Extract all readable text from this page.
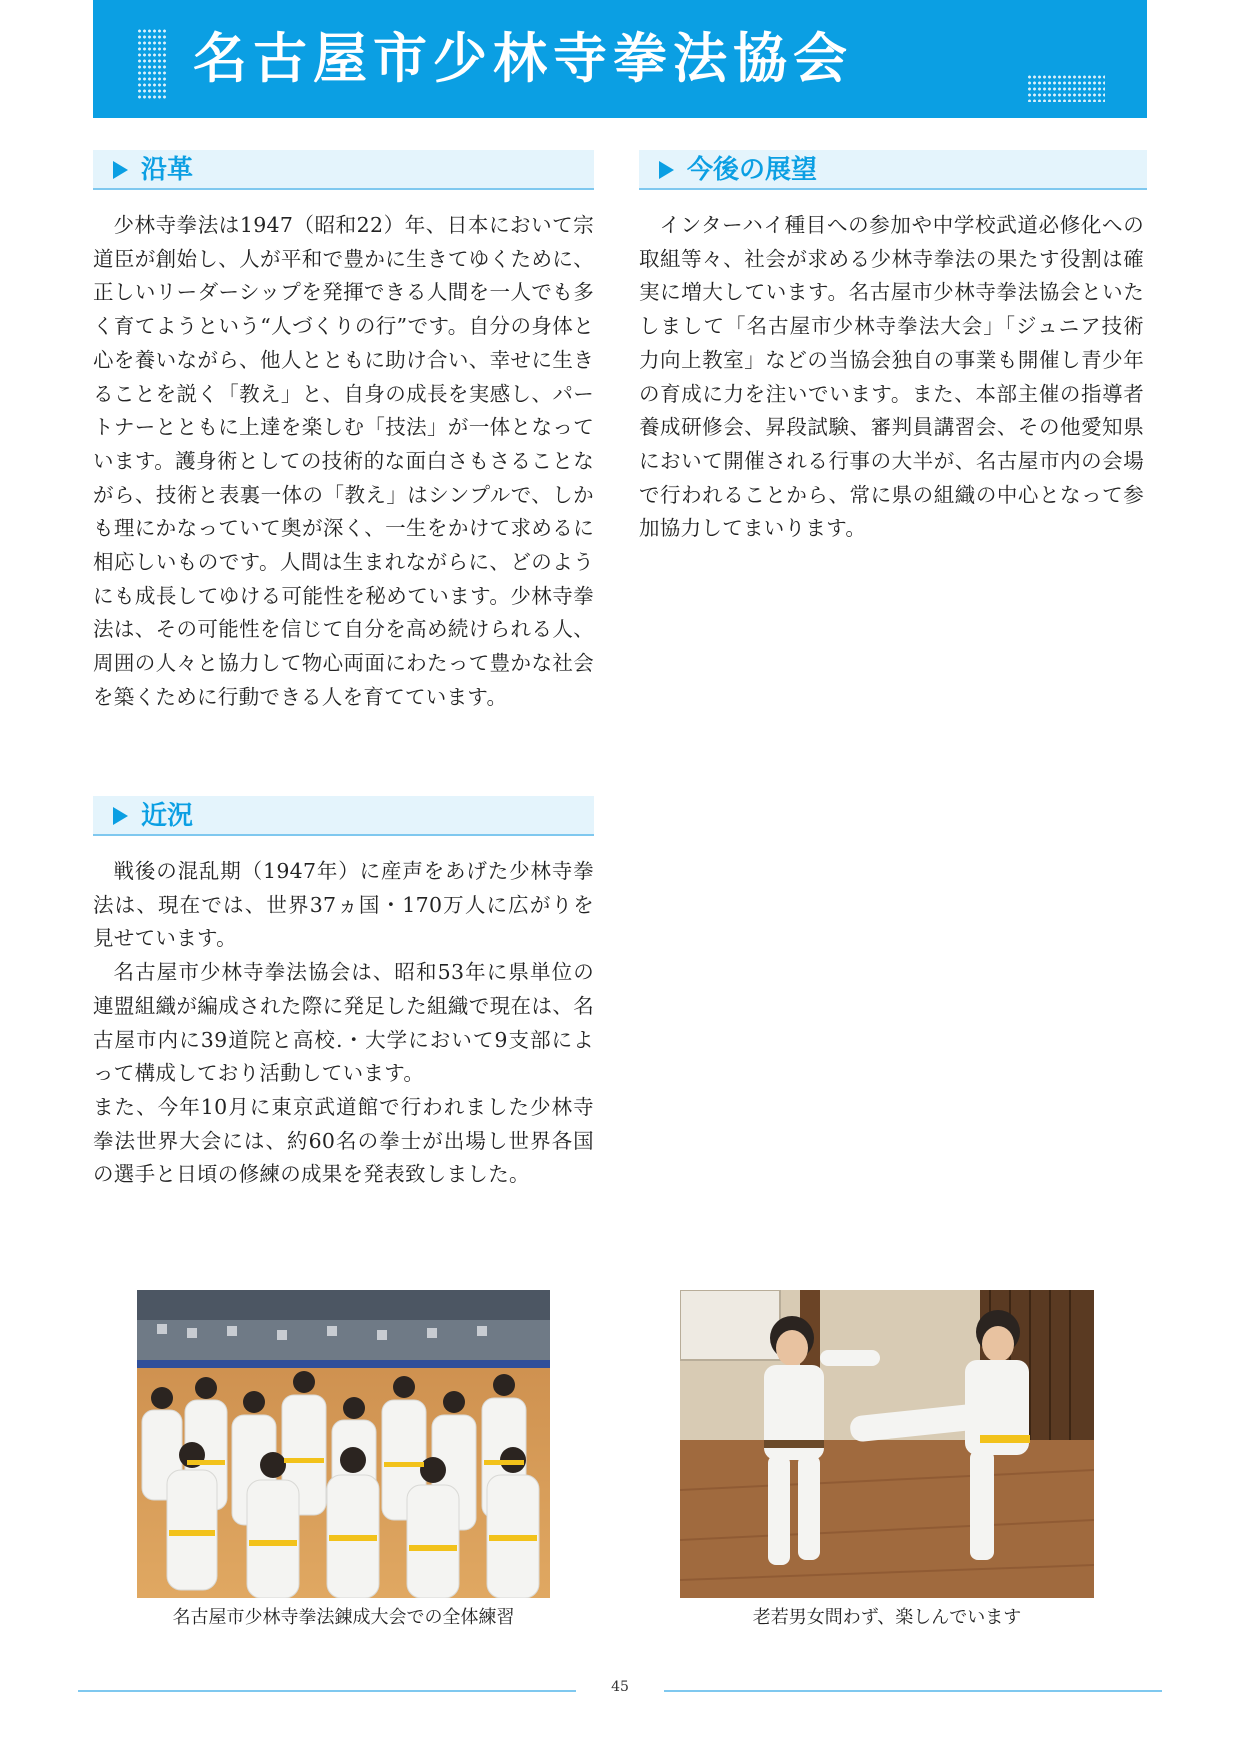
名古屋市少林寺拳法協会
沿革

少林寺拳法は1947（昭和22）年、日本において宗道臣が創始し、人が平和で豊かに生きてゆくために、正しいリーダーシップを発揮できる人間を一人でも多く育てようという“人づくりの行”です。自分の身体と心を養いながら、他人とともに助け合い、幸せに生きることを説く「教え」と、自身の成長を実感し、パートナーとともに上達を楽しむ「技法」が一体となっています。護身術としての技術的な面白さもさることながら、技術と表裏一体の「教え」はシンプルで、しかも理にかなっていて奥が深く、一生をかけて求めるに相応しいものです。人間は生まれながらに、どのようにも成長してゆける可能性を秘めています。少林寺拳法は、その可能性を信じて自分を高め続けられる人、周囲の人々と協力して物心両面にわたって豊かな社会を築くために行動できる人を育てています。

近況

戦後の混乱期（1947年）に産声をあげた少林寺拳法は、現在では、世界37ヵ国・170万人に広がりを見せています。

名古屋市少林寺拳法協会は、昭和53年に県単位の連盟組織が編成された際に発足した組織で現在は、名古屋市内に39道院と高校.・大学において9支部によって構成しており活動しています。

また、今年10月に東京武道館で行われました少林寺拳法世界大会には、約60名の拳士が出場し世界各国の選手と日頃の修練の成果を発表致しました。

今後の展望

インターハイ種目への参加や中学校武道必修化への取組等々、社会が求める少林寺拳法の果たす役割は確実に増大しています。名古屋市少林寺拳法協会といたしまして「名古屋市少林寺拳法大会」「ジュニア技術力向上教室」などの当協会独自の事業も開催し青少年の育成に力を注いでいます。また、本部主催の指導者養成研修会、昇段試験、審判員講習会、その他愛知県において開催される行事の大半が、名古屋市内の会場で行われることから、常に県の組織の中心となって参加協力してまいります。

名古屋市少林寺拳法錬成大会での全体練習	老若男女問わず、楽しんでいます
45
